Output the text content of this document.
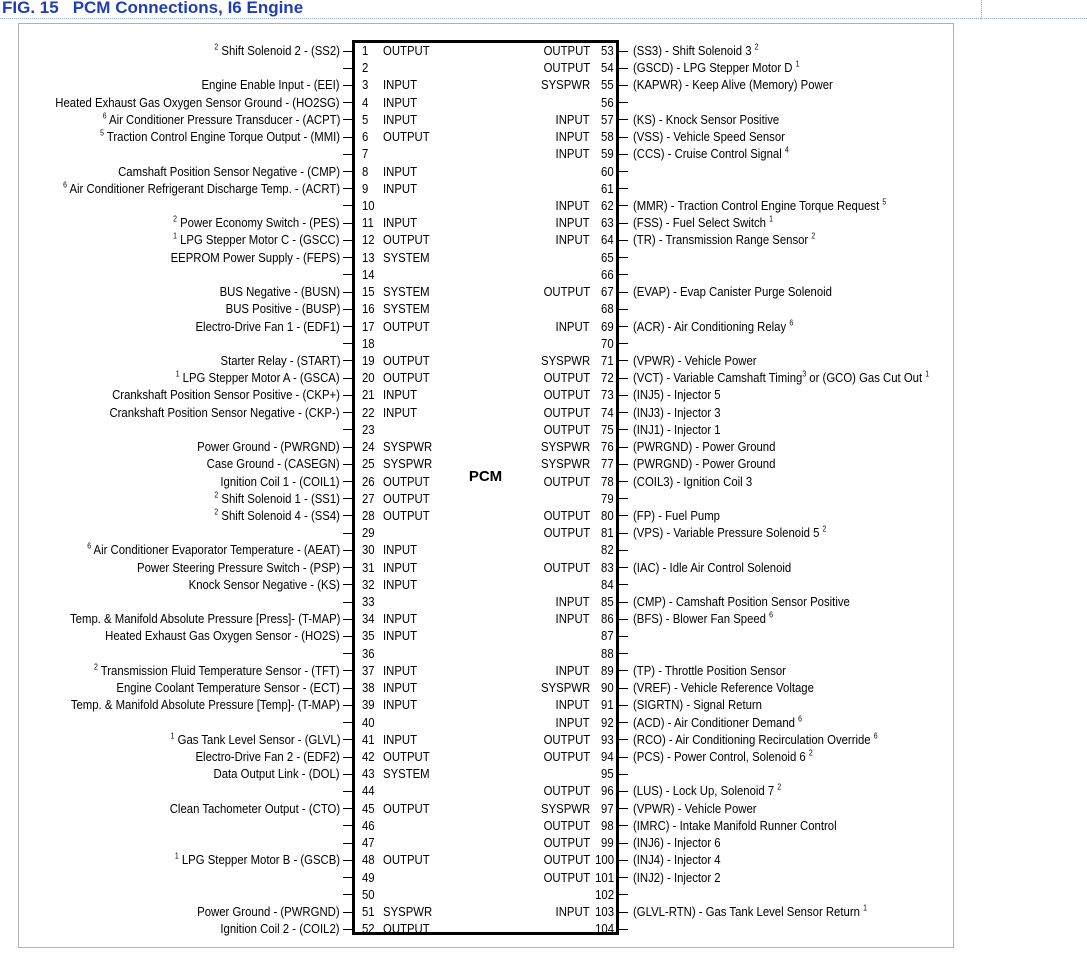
FIG. 15 PCM Connections, I6 Engine
PCM
$^2$ Shift Solenoid 2 - (SS2) 1 OUTPUT
2
Engine Enable Input - (EEI) 3 INPUT
Heated Exhaust Gas Oxygen Sensor Ground - (HO2SG) 4 INPUT
$^6$ Air Conditioner Pressure Transducer - (ACPT) 5 INPUT
$^5$ Traction Control Engine Torque Output - (MMI) 6 OUTPUT
7
Camshaft Position Sensor Negative - (CMP) 8 INPUT
$^6$ Air Conditioner Refrigerant Discharge Temp. - (ACRT) 9 INPUT
10
$^2$ Power Economy Switch - (PES) 11 INPUT
$^1$ LPG Stepper Motor C - (GSCC) 12 OUTPUT
EEPROM Power Supply - (FEPS) 13 SYSTEM
14
BUS Negative - (BUSN) 15 SYSTEM
BUS Positive - (BUSP) 16 SYSTEM
Electro-Drive Fan 1 - (EDF1) 17 OUTPUT
18
Starter Relay - (START) 19 OUTPUT
$^1$ LPG Stepper Motor A - (GSCA) 20 OUTPUT
Crankshaft Position Sensor Positive - (CKP+) 21 INPUT
Crankshaft Position Sensor Negative - (CKP-) 22 INPUT
23
Power Ground - (PWRGND) 24 SYSPWR
Case Ground - (CASEGN) 25 SYSPWR
Ignition Coil 1 - (COIL1) 26 OUTPUT
$^2$ Shift Solenoid 1 - (SS1) 27 OUTPUT
$^2$ Shift Solenoid 4 - (SS4) 28 OUTPUT
29
$^6$ Air Conditioner Evaporator Temperature - (AEAT) 30 INPUT
Power Steering Pressure Switch - (PSP) 31 INPUT
Knock Sensor Negative - (KS) 32 INPUT
33
Temp. & Manifold Absolute Pressure [Press]- (T-MAP) 34 INPUT
Heated Exhaust Gas Oxygen Sensor - (HO2S) 35 INPUT
36
$^2$ Transmission Fluid Temperature Sensor - (TFT) 37 INPUT
Engine Coolant Temperature Sensor - (ECT) 38 INPUT
Temp. & Manifold Absolute Pressure [Temp]- (T-MAP) 39 INPUT
40
$^1$ Gas Tank Level Sensor - (GLVL) 41 INPUT
Electro-Drive Fan 2 - (EDF2) 42 OUTPUT
Data Output Link - (DOL) 43 SYSTEM
44
Clean Tachometer Output - (CTO) 45 OUTPUT
46
47
$^1$ LPG Stepper Motor B - (GSCB) 48 OUTPUT
49
50
Power Ground - (PWRGND) 51 SYSPWR
Ignition Coil 2 - (COIL2) 52 OUTPUT
OUTPUT 53 (SS3) - Shift Solenoid 3 $^2$
OUTPUT 54 (GSCD) - LPG Stepper Motor D $^1$
SYSPWR 55 (KAPWR) - Keep Alive (Memory) Power
56
INPUT 57 (KS) - Knock Sensor Positive
INPUT 58 (VSS) - Vehicle Speed Sensor
INPUT 59 (CCS) - Cruise Control Signal $^4$
60
61
INPUT 62 (MMR) - Traction Control Engine Torque Request $^5$
INPUT 63 (FSS) - Fuel Select Switch $^1$
INPUT 64 (TR) - Transmission Range Sensor $^2$
65
66
OUTPUT 67 (EVAP) - Evap Canister Purge Solenoid
68
INPUT 69 (ACR) - Air Conditioning Relay $^6$
70
SYSPWR 71 (VPWR) - Vehicle Power
OUTPUT 72 (VCT) - Variable Camshaft Timing$^3$ or (GCO) Gas Cut Out $^1$
OUTPUT 73 (INJ5) - Injector 5
OUTPUT 74 (INJ3) - Injector 3
OUTPUT 75 (INJ1) - Injector 1
SYSPWR 76 (PWRGND) - Power Ground
SYSPWR 77 (PWRGND) - Power Ground
OUTPUT 78 (COIL3) - Ignition Coil 3
79
OUTPUT 80 (FP) - Fuel Pump
OUTPUT 81 (VPS) - Variable Pressure Solenoid 5 $^2$
82
OUTPUT 83 (IAC) - Idle Air Control Solenoid
84
INPUT 85 (CMP) - Camshaft Position Sensor Positive
INPUT 86 (BFS) - Blower Fan Speed $^6$
87
88
INPUT 89 (TP) - Throttle Position Sensor
SYSPWR 90 (VREF) - Vehicle Reference Voltage
INPUT 91 (SIGRTN) - Signal Return
INPUT 92 (ACD) - Air Conditioner Demand $^6$
OUTPUT 93 (RCO) - Air Conditioning Recirculation Override $^6$
OUTPUT 94 (PCS) - Power Control, Solenoid 6 $^2$
95
OUTPUT 96 (LUS) - Lock Up, Solenoid 7 $^2$
SYSPWR 97 (VPWR) - Vehicle Power
OUTPUT 98 (IMRC) - Intake Manifold Runner Control
OUTPUT 99 (INJ6) - Injector 6
OUTPUT 100 (INJ4) - Injector 4
OUTPUT 101 (INJ2) - Injector 2
102
INPUT 103 (GLVL-RTN) - Gas Tank Level Sensor Return $^1$
104
